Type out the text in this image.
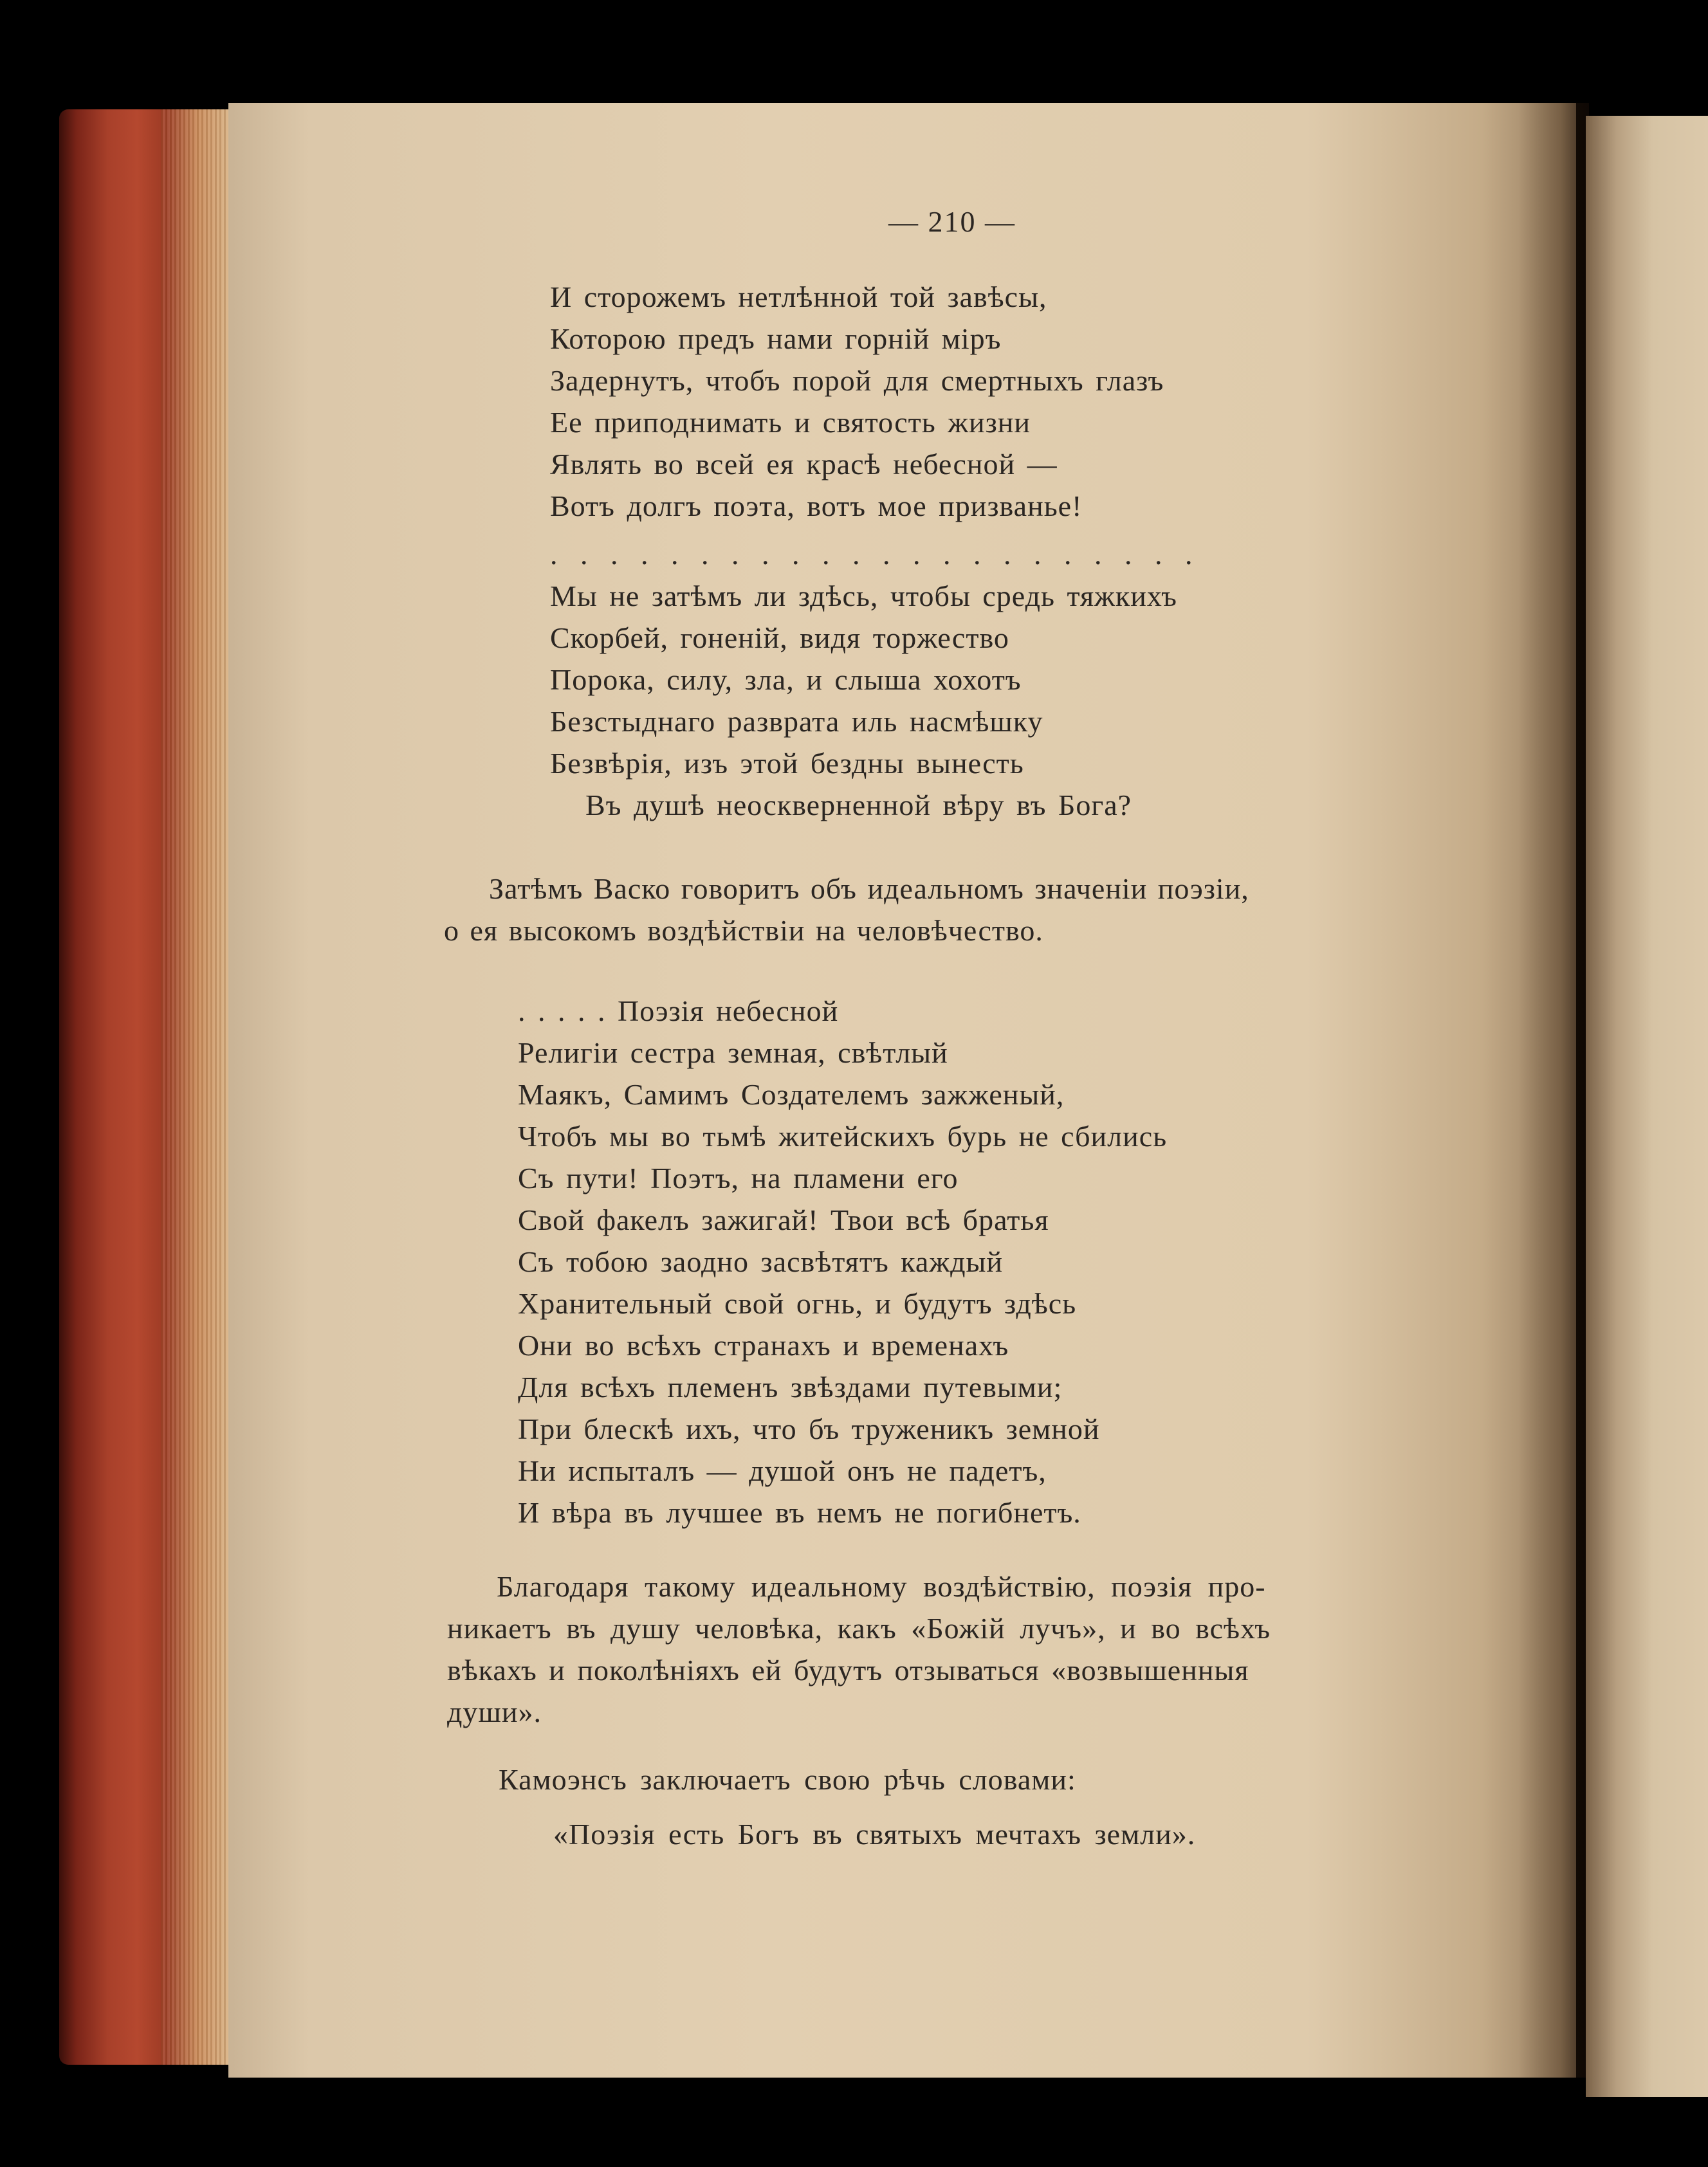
— 210 —
И сторожемъ нетлѣнной той завѣсы,
Которою предъ нами горній міръ
Задернутъ, чтобъ порой для смертныхъ глазъ
Ее приподнимать и святость жизни
Являть во всей ея красѣ небесной —
Вотъ долгъ поэта, вотъ мое призванье!
. . . . . . . . . . . . . . . . . . . . . .
Мы не затѣмъ ли здѣсь, чтобы средь тяжкихъ
Скорбей, гоненій, видя торжество
Порока, силу, зла, и слыша хохотъ
Безстыднаго разврата иль насмѣшку
Безвѣрія, изъ этой бездны вынесть
Въ душѣ неоскверненной вѣру въ Бога?
Затѣмъ Васко говоритъ объ идеальномъ значеніи поэзіи,
о ея высокомъ воздѣйствіи на человѣчество.
. . . . . Поэзія небесной
Религіи сестра земная, свѣтлый
Маякъ, Самимъ Создателемъ зажженый,
Чтобъ мы во тьмѣ житейскихъ бурь не сбились
Съ пути! Поэтъ, на пламени его
Свой факелъ зажигай! Твои всѣ братья
Съ тобою заодно засвѣтятъ каждый
Хранительный свой огнь, и будутъ здѣсь
Они во всѣхъ странахъ и временахъ
Для всѣхъ племенъ звѣздами путевыми;
При блескѣ ихъ, что бъ труженикъ земной
Ни испыталъ — душой онъ не падетъ,
И вѣра въ лучшее въ немъ не погибнетъ.
Благодаря такому идеальному воздѣйствію, поэзія про-
никаетъ въ душу человѣка, какъ «Божій лучъ», и во всѣхъ
вѣкахъ и поколѣніяхъ ей будутъ отзываться «возвышенныя
души».
Камоэнсъ заключаетъ свою рѣчь словами:
«Поэзія есть Богъ въ святыхъ мечтахъ земли».
